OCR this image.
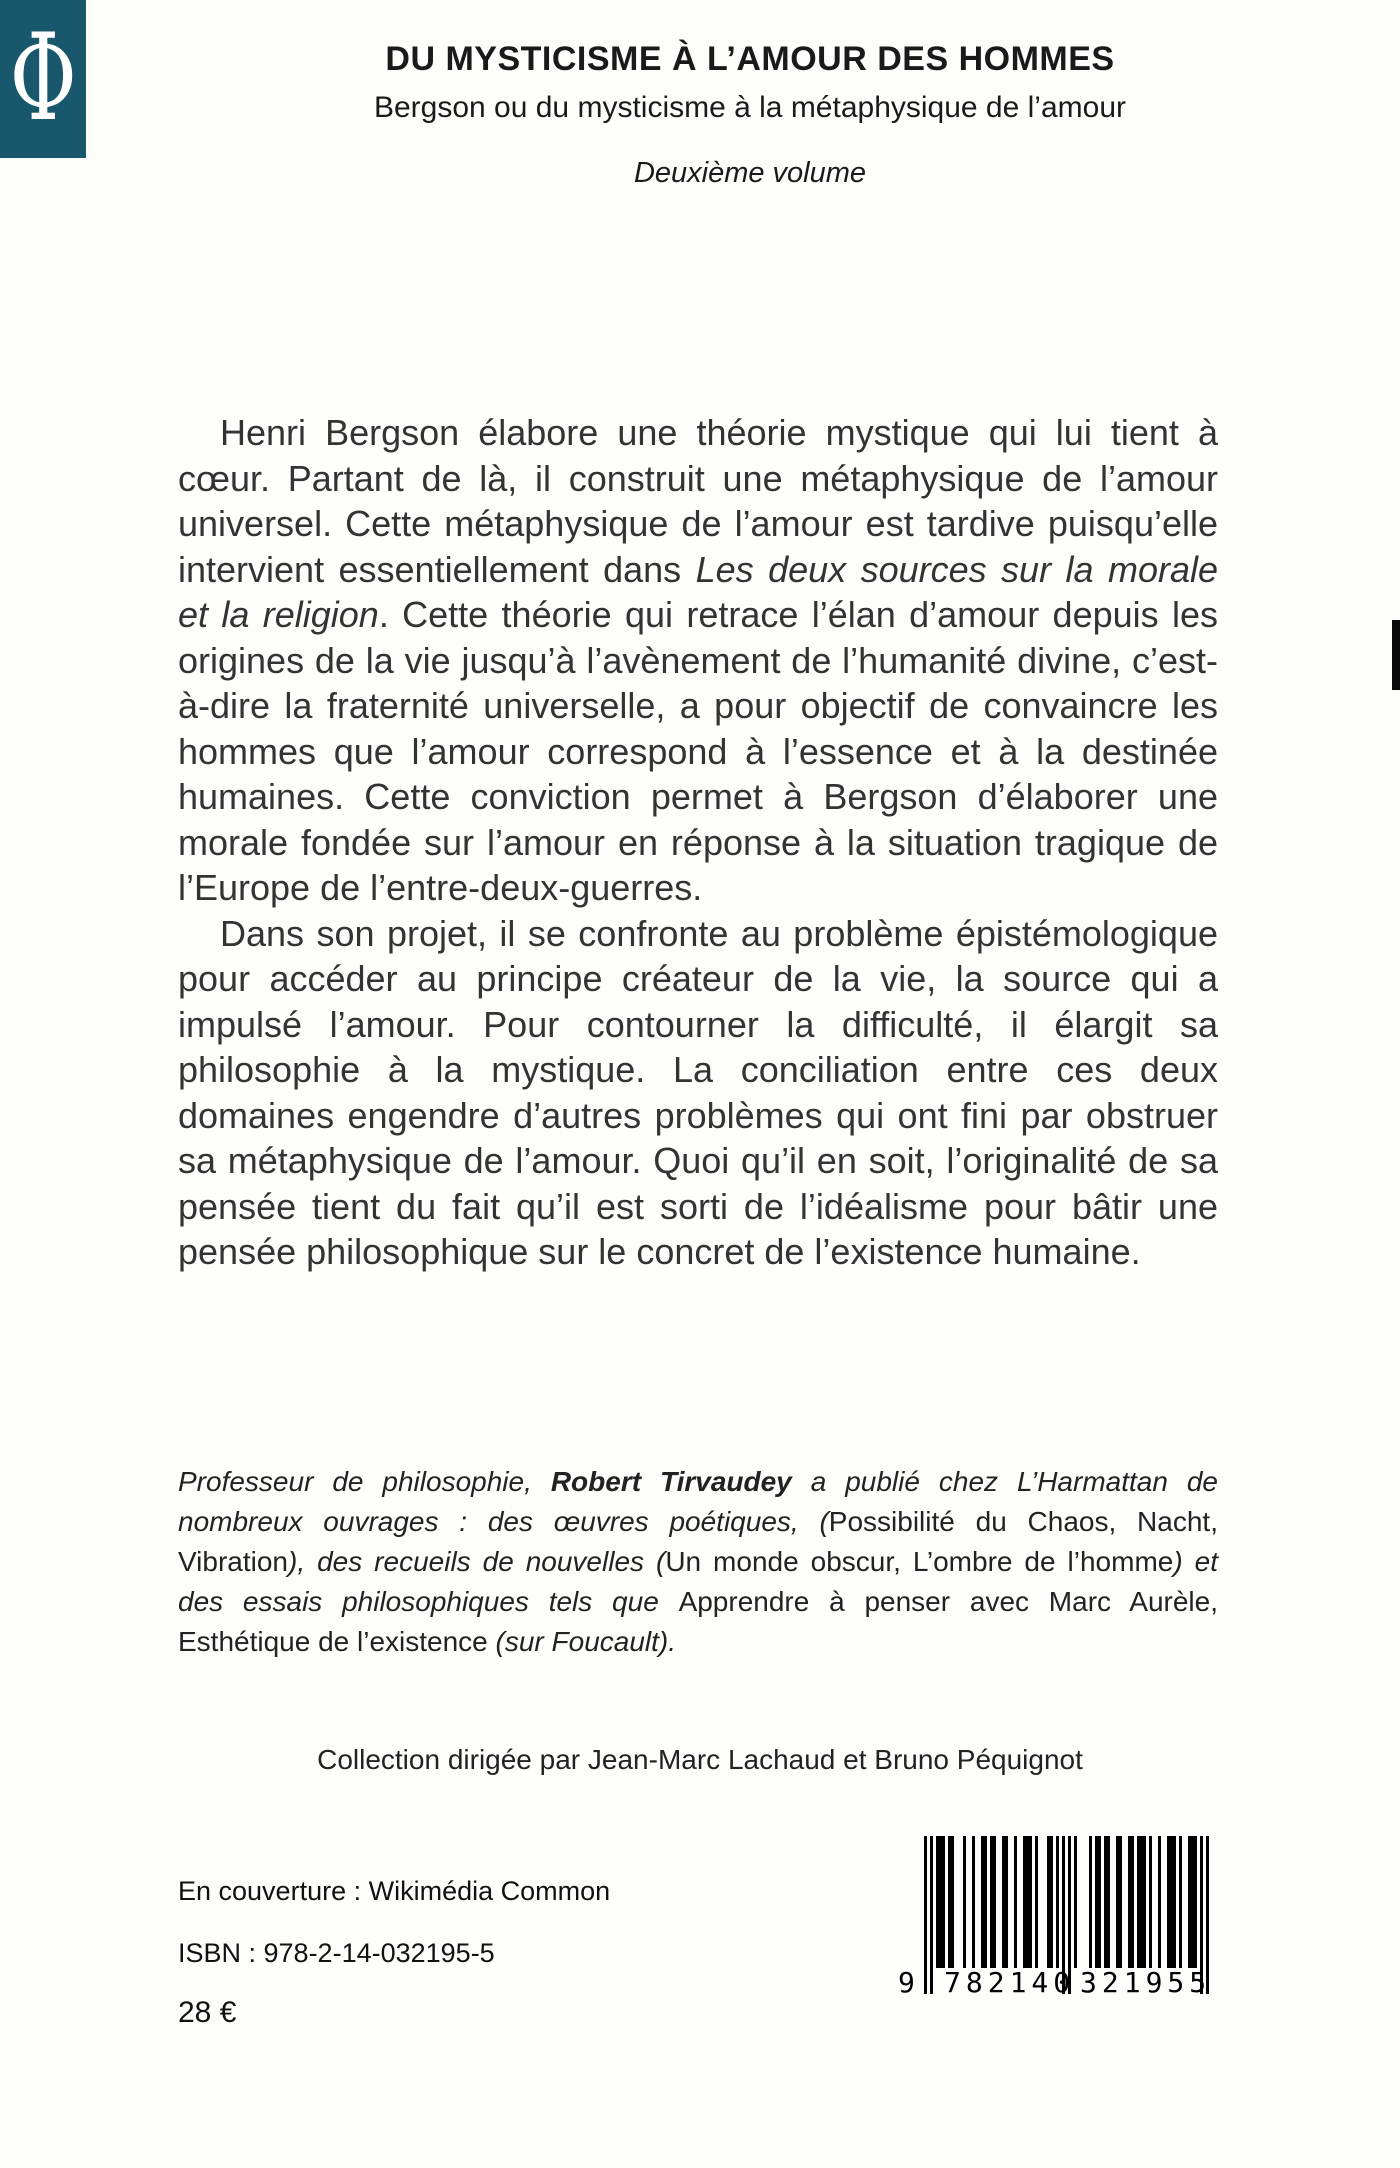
Φ	DU MYSTICISME À L’AMOUR DES HOMMES
Bergson ou du mysticisme à la métaphysique de l’amour
Deuxième volume

Henri Bergson élabore une théorie mystique qui lui tient à cœur. Partant de là, il construit une métaphysique de l’amour universel. Cette métaphysique de l’amour est tardive puisqu’elle intervient essentiellement dans Les deux sources sur la morale et la religion. Cette théorie qui retrace l’élan d’amour depuis les origines de la vie jusqu’à l’avènement de l’humanité divine, c’est-à-dire la fraternité universelle, a pour objectif de convaincre les hommes que l’amour correspond à l’essence et à la destinée humaines. Cette conviction permet à Bergson d’élaborer une morale fondée sur l’amour en réponse à la situation tragique de l’Europe de l’entre-deux-guerres.

Dans son projet, il se confronte au problème épistémologique pour accéder au principe créateur de la vie, la source qui a impulsé l’amour. Pour contourner la difficulté, il élargit sa philosophie à la mystique. La conciliation entre ces deux domaines engendre d’autres problèmes qui ont fini par obstruer sa métaphysique de l’amour. Quoi qu’il en soit, l’originalité de sa pensée tient du fait qu’il est sorti de l’idéalisme pour bâtir une pensée philosophique sur le concret de l’existence humaine.

Professeur de philosophie, Robert Tirvaudey a publié chez L’Harmattan de nombreux ouvrages : des œuvres poétiques, (Possibilité du Chaos, Nacht, Vibration), des recueils de nouvelles (Un monde obscur, L’ombre de l’homme) et des essais philosophiques tels que Apprendre à penser avec Marc Aurèle, Esthétique de l’existence (sur Foucault).
Collection dirigée par Jean-Marc Lachaud et Bruno Péquignot
En couverture : Wikimédia Common
ISBN : 978-2-14-032195-5
28 €
9 782140 321955
